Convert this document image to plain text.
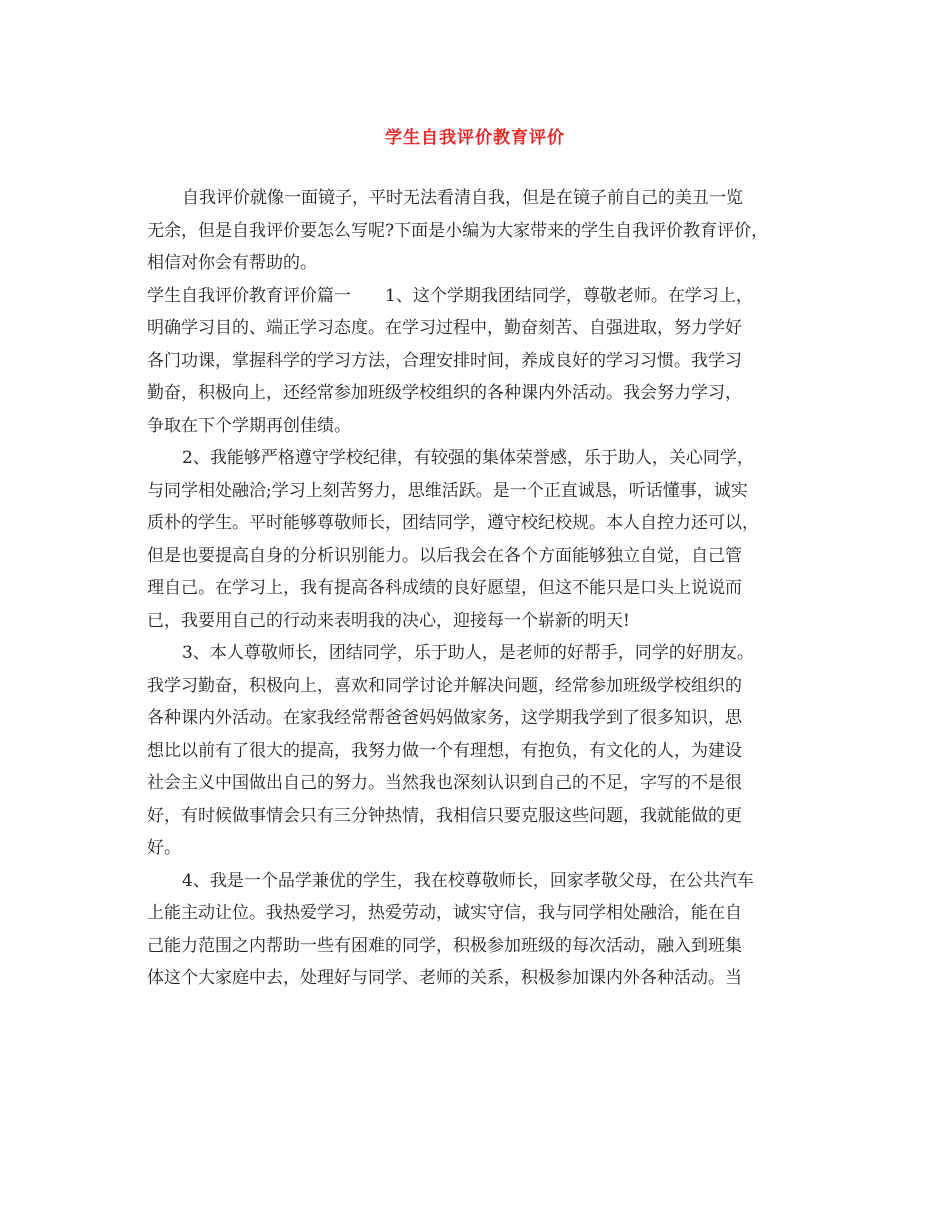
学生自我评价教育评价

自我评价就像一面镜子，平时无法看清自我，但是在镜子前自己的美丑一览

无余，但是自我评价要怎么写呢?下面是小编为大家带来的学生自我评价教育评价，

相信对你会有帮助的。

学生自我评价教育评价篇一　　1、这个学期我团结同学，尊敬老师。在学习上，

明确学习目的、端正学习态度。在学习过程中，勤奋刻苦、自强进取，努力学好

各门功课，掌握科学的学习方法，合理安排时间，养成良好的学习习惯。我学习

勤奋，积极向上，还经常参加班级学校组织的各种课内外活动。我会努力学习，

争取在下个学期再创佳绩。

2、我能够严格遵守学校纪律，有较强的集体荣誉感，乐于助人，关心同学，

与同学相处融洽;学习上刻苦努力，思维活跃。是一个正直诚恳，听话懂事，诚实

质朴的学生。平时能够尊敬师长，团结同学，遵守校纪校规。本人自控力还可以，

但是也要提高自身的分析识别能力。以后我会在各个方面能够独立自觉，自己管

理自己。在学习上，我有提高各科成绩的良好愿望，但这不能只是口头上说说而

已，我要用自己的行动来表明我的决心，迎接每一个崭新的明天!

3、本人尊敬师长，团结同学，乐于助人，是老师的好帮手，同学的好朋友。

我学习勤奋，积极向上，喜欢和同学讨论并解决问题，经常参加班级学校组织的

各种课内外活动。在家我经常帮爸爸妈妈做家务，这学期我学到了很多知识，思

想比以前有了很大的提高，我努力做一个有理想，有抱负，有文化的人，为建设

社会主义中国做出自己的努力。当然我也深刻认识到自己的不足，字写的不是很

好，有时候做事情会只有三分钟热情，我相信只要克服这些问题，我就能做的更

好。

4、我是一个品学兼优的学生，我在校尊敬师长，回家孝敬父母，在公共汽车

上能主动让位。我热爱学习，热爱劳动，诚实守信，我与同学相处融洽，能在自

己能力范围之内帮助一些有困难的同学，积极参加班级的每次活动，融入到班集

体这个大家庭中去，处理好与同学、老师的关系，积极参加课内外各种活动。当
